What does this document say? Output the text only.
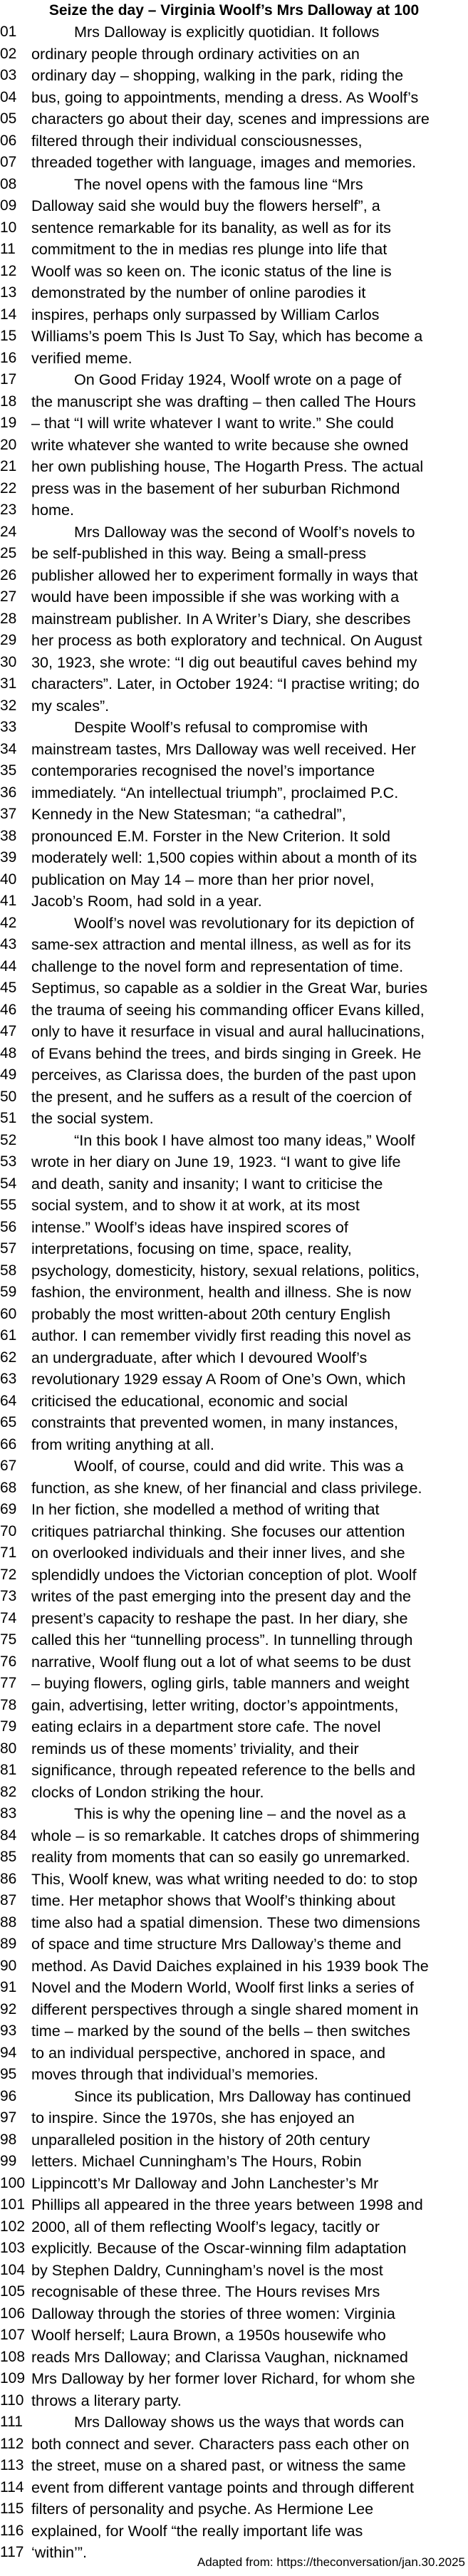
Seize the day – Virginia Woolf’s Mrs Dalloway at 100
01	Mrs Dalloway is explicitly quotidian. It follows
02 ordinary people through ordinary activities on an
03 ordinary day – shopping, walking in the park, riding the
04 bus, going to appointments, mending a dress. As Woolf’s
05 characters go about their day, scenes and impressions are
06 filtered through their individual consciousnesses,
07 threaded together with language, images and memories.
08	The novel opens with the famous line “Mrs
09 Dalloway said she would buy the flowers herself”, a
10 sentence remarkable for its banality, as well as for its
11	commitment to the in medias res plunge into life that
12 Woolf was so keen on. The iconic status of the line is
13 demonstrated by the number of online parodies it
14 inspires, perhaps only surpassed by William Carlos
15 Williams’s poem This Is Just To Say, which has become a
16 verified meme.
17	On Good Friday 1924, Woolf wrote on a page of
18 the manuscript she was drafting – then called The Hours
19 – that “I will write whatever I want to write.” She could
20 write whatever she wanted to write because she owned
21 her own publishing house, The Hogarth Press. The actual
22 press was in the basement of her suburban Richmond
23 home.
24	Mrs Dalloway was the second of Woolf’s novels to
25 be self-published in this way. Being a small-press
26 publisher allowed her to experiment formally in ways that
27 would have been impossible if she was working with a
28 mainstream publisher. In A Writer’s Diary, she describes
29 her process as both exploratory and technical. On August
30 30, 1923, she wrote: “I dig out beautiful caves behind my
31 characters”. Later, in October 1924: “I practise writing; do
32 my scales”.
33	Despite Woolf’s refusal to compromise with
34 mainstream tastes, Mrs Dalloway was well received. Her
35 contemporaries recognised the novel’s importance
36 immediately. “An intellectual triumph”, proclaimed P.C.
37 Kennedy in the New Statesman; “a cathedral”,
38 pronounced E.M. Forster in the New Criterion. It sold
39 moderately well: 1,500 copies within about a month of its
40 publication on May 14 – more than her prior novel,
41 Jacob’s Room, had sold in a year.
42	Woolf’s novel was revolutionary for its depiction of
43 same-sex attraction and mental illness, as well as for its
44 challenge to the novel form and representation of time.
45 Septimus, so capable as a soldier in the Great War, buries
46 the trauma of seeing his commanding officer Evans killed,
47 only to have it resurface in visual and aural hallucinations,
48 of Evans behind the trees, and birds singing in Greek. He
49 perceives, as Clarissa does, the burden of the past upon
50 the present, and he suffers as a result of the coercion of
51 the social system.
52	“In this book I have almost too many ideas,” Woolf
53 wrote in her diary on June 19, 1923. “I want to give life
54 and death, sanity and insanity; I want to criticise the
55 social system, and to show it at work, at its most
56 intense.” Woolf’s ideas have inspired scores of
57 interpretations, focusing on time, space, reality,
58 psychology, domesticity, history, sexual relations, politics,
59 fashion, the environment, health and illness. She is now
60 probably the most written-about 20th century English
61 author. I can remember vividly first reading this novel as
62 an undergraduate, after which I devoured Woolf’s
63 revolutionary 1929 essay A Room of One’s Own, which
64 criticised the educational, economic and social
65 constraints that prevented women, in many instances,
66 from writing anything at all.
67	Woolf, of course, could and did write. This was a
68 function, as she knew, of her financial and class privilege.
69 In her fiction, she modelled a method of writing that
70 critiques patriarchal thinking. She focuses our attention
71 on overlooked individuals and their inner lives, and she
72 splendidly undoes the Victorian conception of plot. Woolf
73 writes of the past emerging into the present day and the
74 present’s capacity to reshape the past. In her diary, she
75 called this her “tunnelling process”. In tunnelling through
76 narrative, Woolf flung out a lot of what seems to be dust
77 – buying flowers, ogling girls, table manners and weight
78 gain, advertising, letter writing, doctor’s appointments,
79 eating eclairs in a department store cafe. The novel
80 reminds us of these moments’ triviality, and their
81 significance, through repeated reference to the bells and
82 clocks of London striking the hour.
83	This is why the opening line – and the novel as a
84 whole – is so remarkable. It catches drops of shimmering
85 reality from moments that can so easily go unremarked.
86 This, Woolf knew, was what writing needed to do: to stop
87 time. Her metaphor shows that Woolf’s thinking about
88 time also had a spatial dimension. These two dimensions
89 of space and time structure Mrs Dalloway’s theme and
90 method. As David Daiches explained in his 1939 book The
91 Novel and the Modern World, Woolf first links a series of
92 different perspectives through a single shared moment in
93 time – marked by the sound of the bells – then switches
94 to an individual perspective, anchored in space, and
95 moves through that individual’s memories.
96	Since its publication, Mrs Dalloway has continued
97 to inspire. Since the 1970s, she has enjoyed an
98 unparalleled position in the history of 20th century
99 letters. Michael Cunningham’s The Hours, Robin
100 Lippincott’s Mr Dalloway and John Lanchester’s Mr
101 Phillips all appeared in the three years between 1998 and
102 2000, all of them reflecting Woolf’s legacy, tacitly or
103 explicitly. Because of the Oscar-winning film adaptation
104 by Stephen Daldry, Cunningham’s novel is the most
105 recognisable of these three. The Hours revises Mrs
106 Dalloway through the stories of three women: Virginia
107 Woolf herself; Laura Brown, a 1950s housewife who
108 reads Mrs Dalloway; and Clarissa Vaughan, nicknamed
109 Mrs Dalloway by her former lover Richard, for whom she
110 throws a literary party.
111	Mrs Dalloway shows us the ways that words can
112 both connect and sever. Characters pass each other on
113 the street, muse on a shared past, or witness the same
114 event from different vantage points and through different
115 filters of personality and psyche. As Hermione Lee
116 explained, for Woolf “the really important life was
117 ‘within’”.

Adapted from: https://theconversation/jan.30.2025
